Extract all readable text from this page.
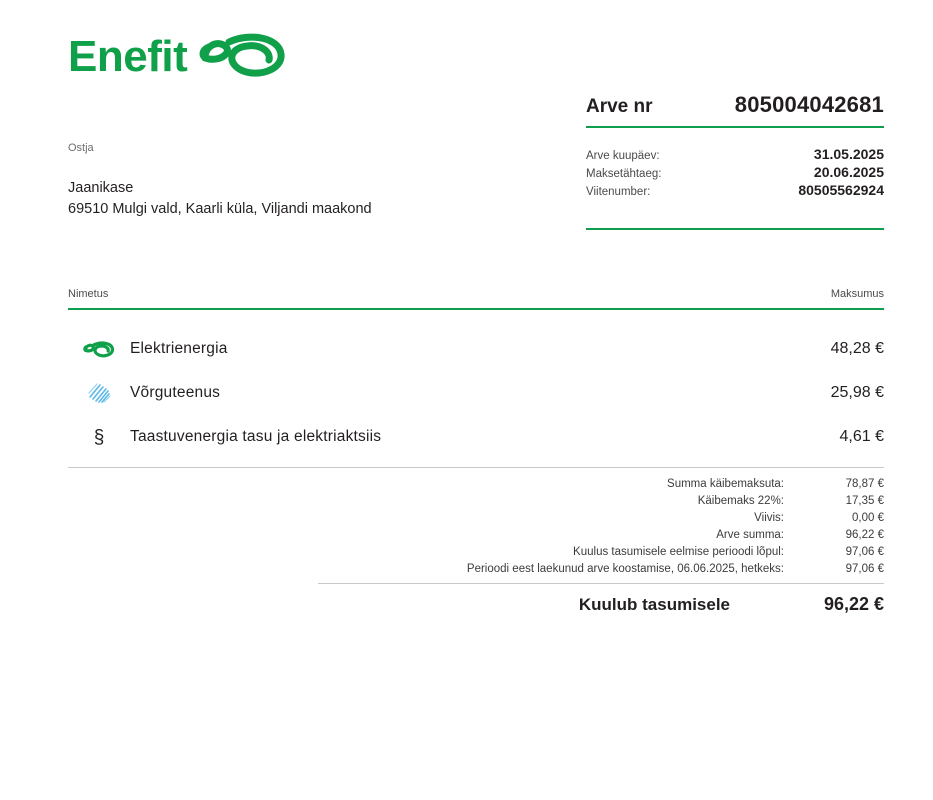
Enefit
Arve nr	805004042681
Arve kuupäev:	31.05.2025
Maksetähtaeg:	20.06.2025
Viitenumber:	80505562924
Ostja
Jaanikase
69510 Mulgi vald, Kaarli küla, Viljandi maakond
Nimetus	Maksumus
Elektrienergia	48,28 €
Võrguteenus	25,98 €
§ Taastuvenergia tasu ja elektriaktsiis	4,61 €
Summa käibemaksuta:	78,87 €
Käibemaks 22%:	17,35 €
Viivis:	0,00 €
Arve summa:	96,22 €
Kuulus tasumisele eelmise perioodi lõpul:	97,06 €
Perioodi eest laekunud arve koostamise, 06.06.2025, hetkeks:	97,06 €
Kuulub tasumisele	96,22 €
